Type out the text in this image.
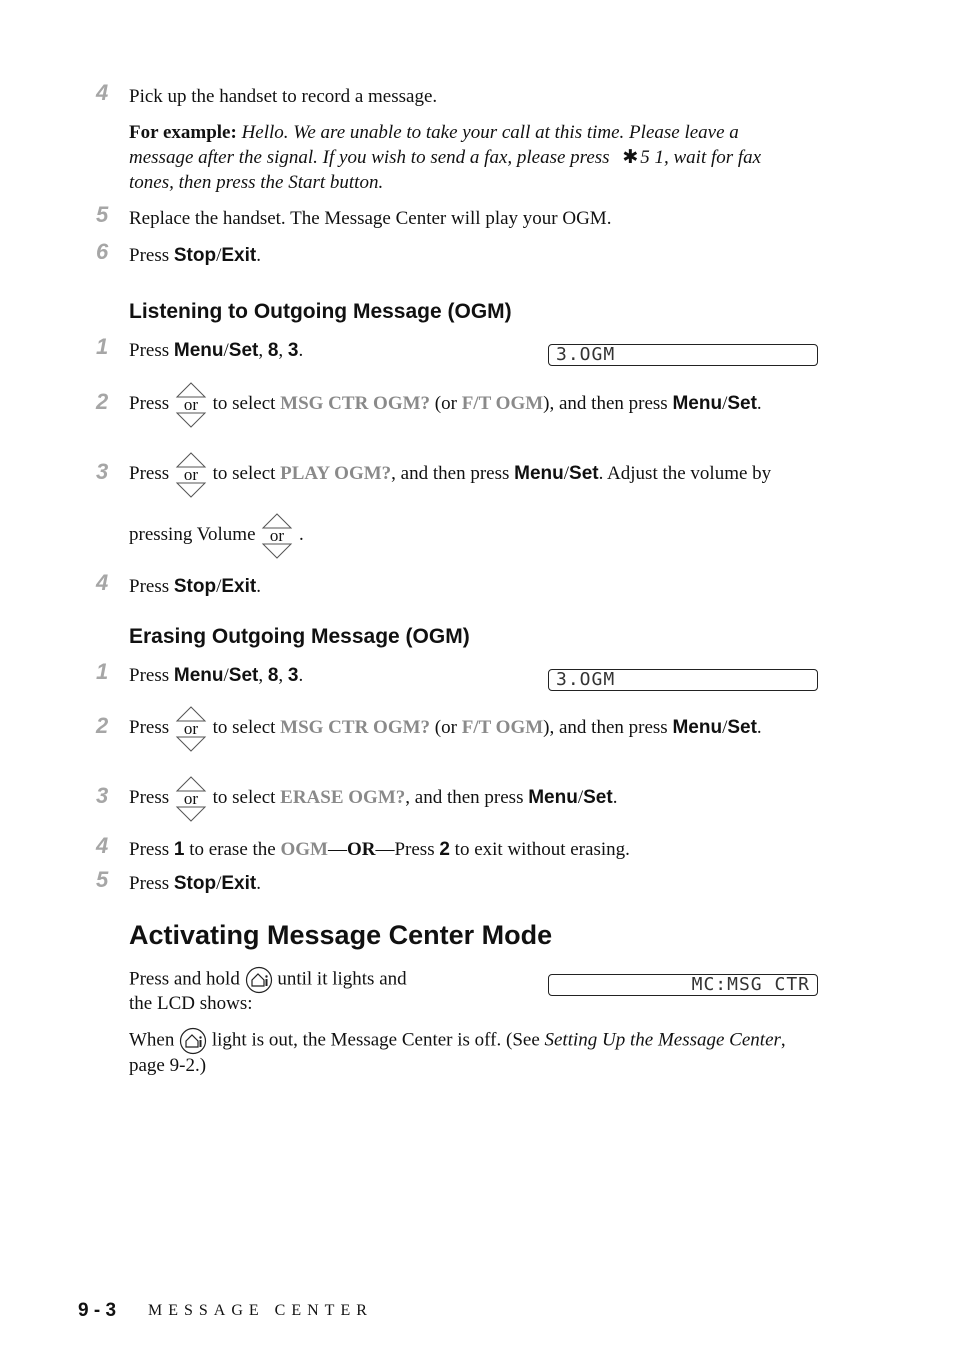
4	Pick up the handset to record a message.
For example: Hello. We are unable to take your call at this time. Please leave a
message after the signal. If you wish to send a fax, please press ✱ 5 1, wait for fax
tones, then press the Start button.
5	Replace the handset. The Message Center will play your OGM.
6	Press Stop/Exit.
Listening to Outgoing Message (OGM)
1	Press Menu/Set, 8, 3.	3.OGM
2	Press or to select MSG CTR OGM? (or F/T OGM), and then press Menu/Set.
3	Press or to select PLAY OGM?, and then press Menu/Set. Adjust the volume by
pressing Volume or .
4	Press Stop/Exit.
Erasing Outgoing Message (OGM)
1	Press Menu/Set, 8, 3.	3.OGM
2	Press or to select MSG CTR OGM? (or F/T OGM), and then press Menu/Set.
3	Press or to select ERASE OGM?, and then press Menu/Set.
4	Press 1 to erase the OGM—OR—Press 2 to exit without erasing.
5	Press Stop/Exit.
Activating Message Center Mode
Press and hold until it lights and
the LCD shows:
MC:MSG CTR
When light is out, the Message Center is off. (See Setting Up the Message Center,
page 9-2.)
9 - 3 MESSAGE CENTER
